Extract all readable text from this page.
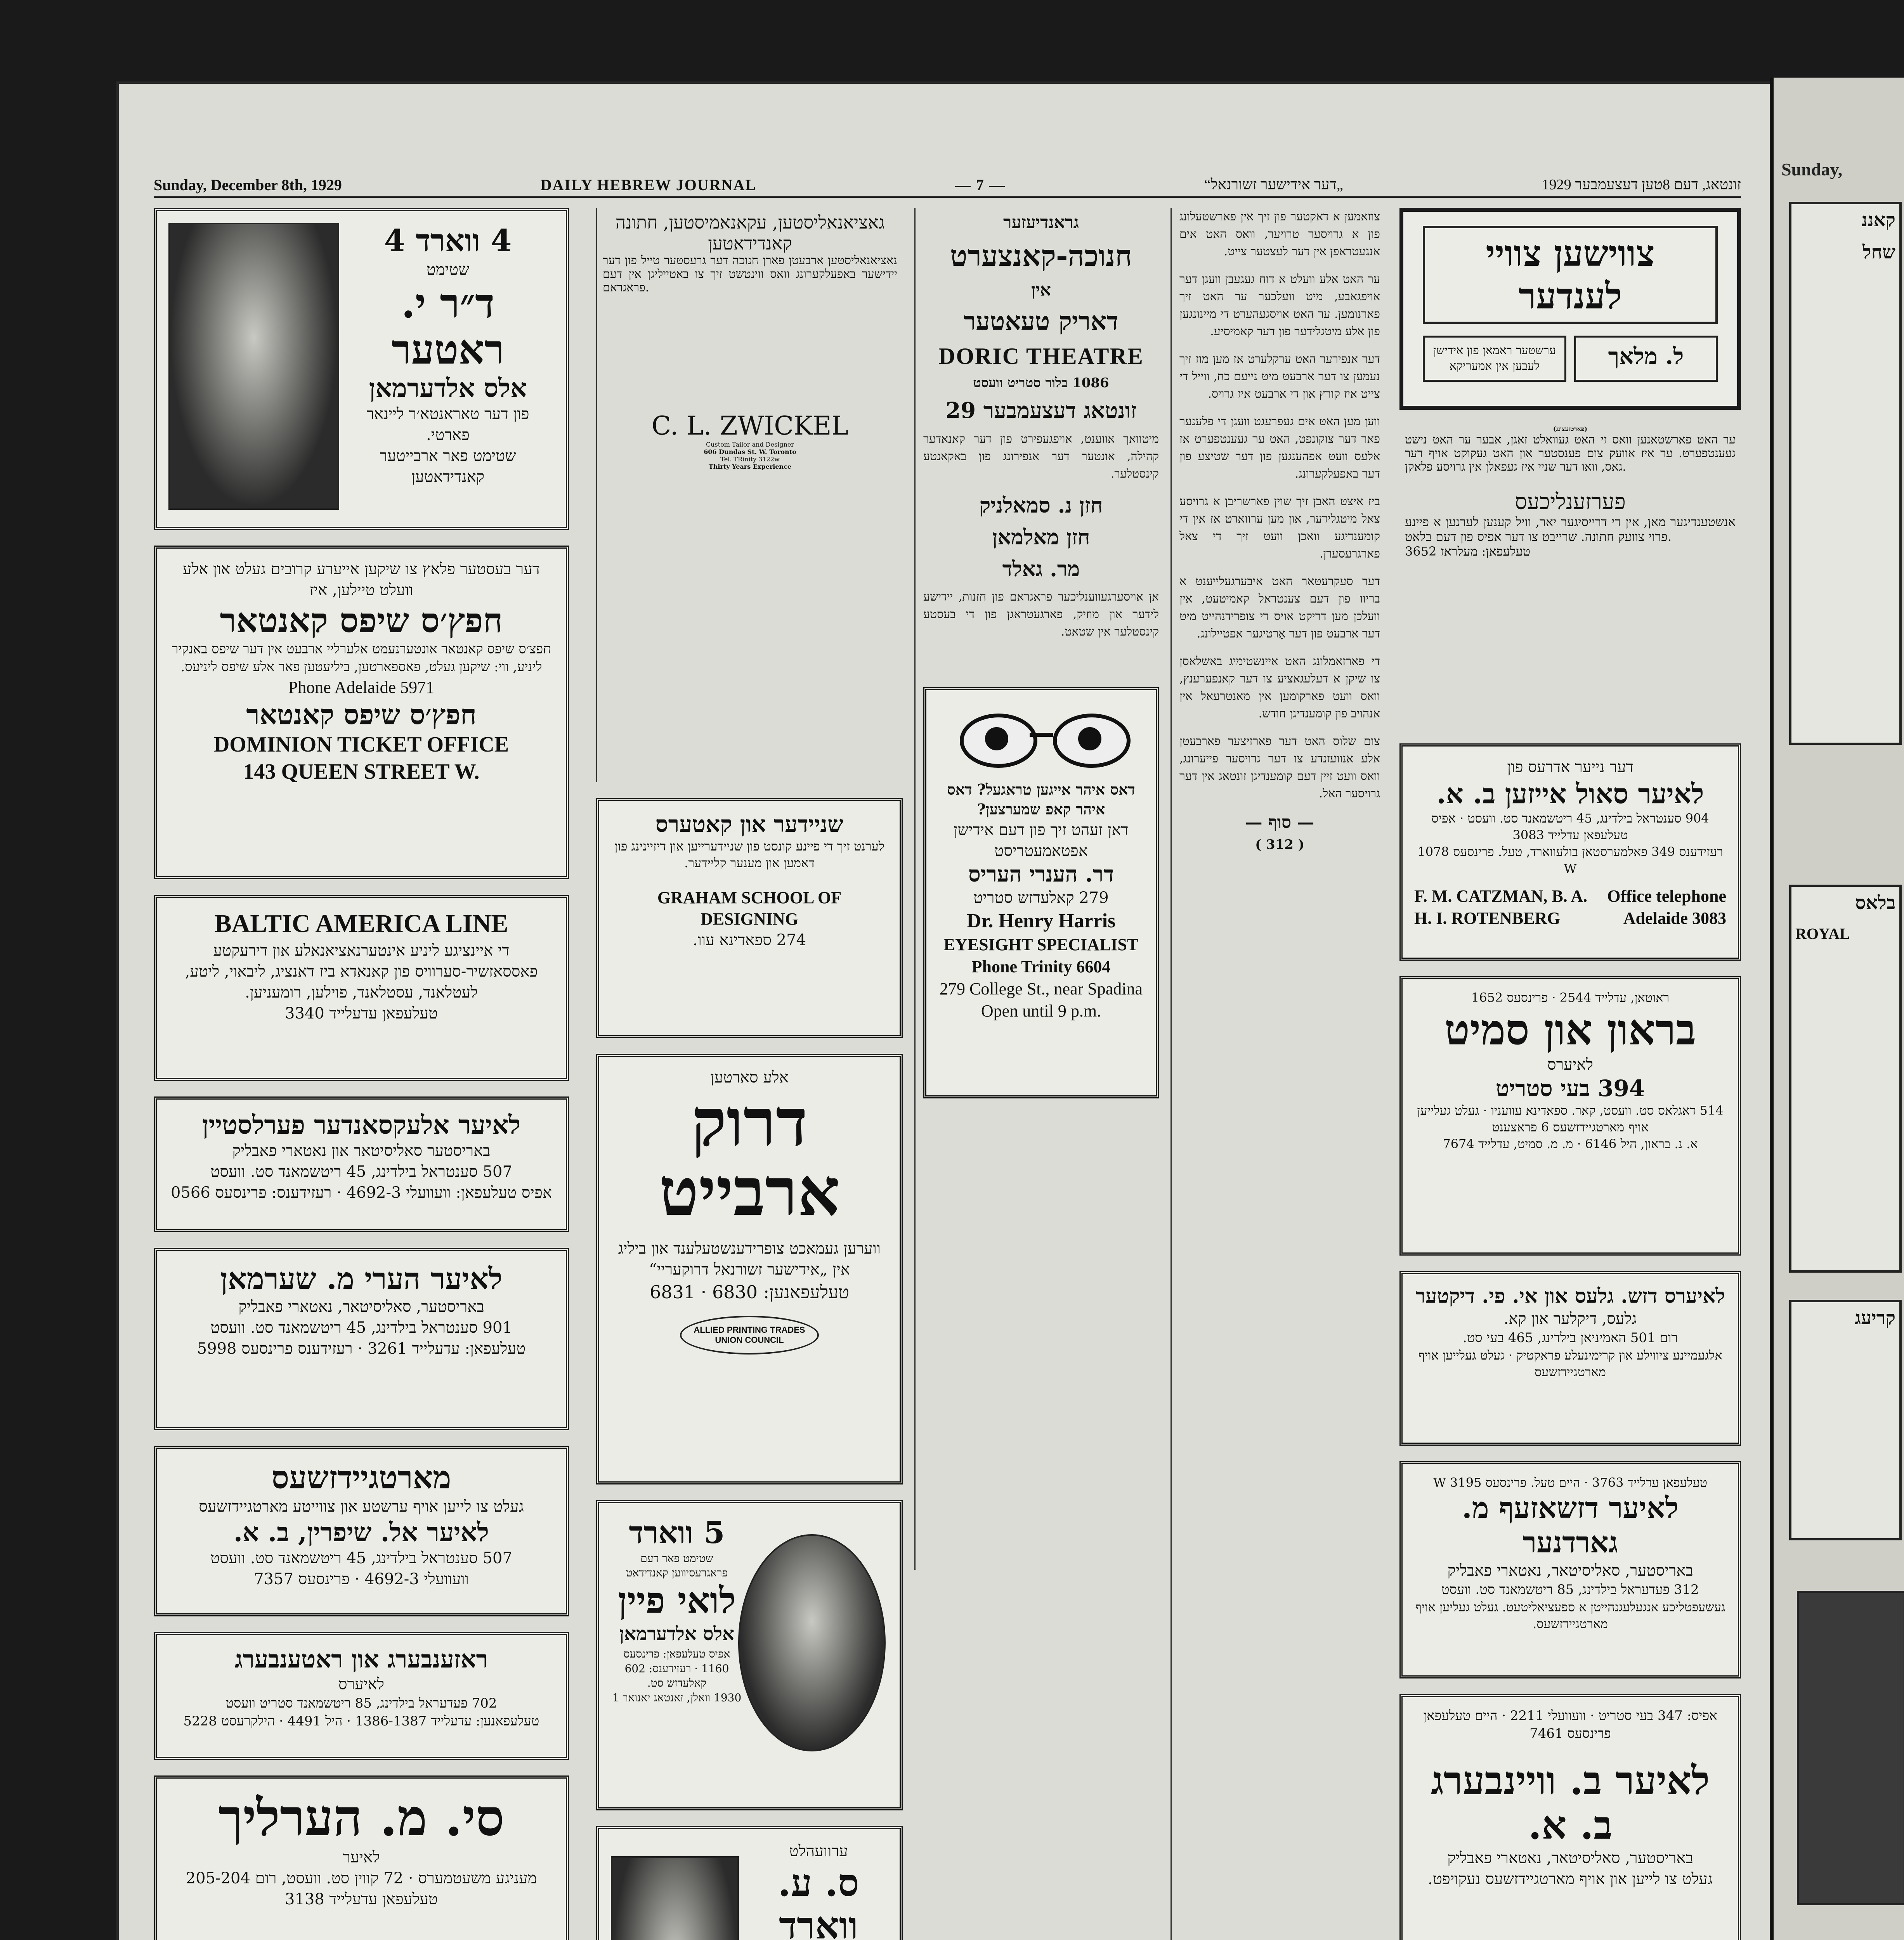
Sunday, December 8th, 1929	DAILY HEBREW JOURNAL	— 7 —	„דער אידישער זשורנאל“	זונטאג, דעם 8טען דעצעמבער 1929
4 ווארד 4
שטימט
ד״ר י. ראטער
אלס אלדערמאן
פון דער טאראנטא׳ר ליינאר פארטי.
שטימט פאר ארבייטער קאנדידאטען
דער בעסטער פלאץ צו שיקען אייערע קרובים געלט און אלע וועלט טיילען, איז
חפץ׳ס שיפס קאנטאר
חפצ׳ס שיפס קאנטאר אונטערנעמט אלערליי ארבעט אין דער שיפס באנקיר ליניע, ווי: שיקען געלט, פאספארטען, ביליעטען פאר אלע שיפס ליניעס.
Phone Adelaide 5971
חפץ׳ס שיפס קאנטאר
DOMINION TICKET OFFICE
143 QUEEN STREET W.
BALTIC AMERICA LINE
די איינציגע ליניע אינטערנאציאנאלע און דירעקטע פאססאזשיר-סערוויס פון קאנאדא ביז דאנציג, ליבאוי, ליטע, לעטלאנד, עסטלאנד, פוילען, רומעניען.
טעלעפאן עדעלייד 3340
לאיער אלעקסאנדער פערלסטיין
באריסטער סאליסיטאר און נאטארי פאבליק
507 סענטראל בילדינג, 45 ריטשמאנד סט. וועסט
אפיס טעלעפאן: וועוועלי 4692-3 · רעזידענס: פרינסעס 0566
לאיער הערי מ. שערמאן
באריסטער, סאליסיטאר, נאטארי פאבליק
901 סענטראל בילדינג, 45 ריטשמאנד סט. וועסט
טעלעפאן: עדעלייד 3261 · רעזידענס פרינסעס 5998
מארטגיידזשעס
געלט צו לייען אויף ערשטע און צווייטע מארטגיידזשעס
לאיער אל. שיפרין, ב. א.
507 סענטראל בילדינג, 45 ריטשמאנד סט. וועסט
וועוועלי 4692-3 · פרינסעס 7357
ראזענבערג און ראטענבערג
לאיערס
702 פעדעראל בילדינג, 85 ריטשמאנד סטריט וועסט
טעלעפאנען: עדעלייד 1386-1387 · היל 4491 · הילקרעסט 5228
סי. מ. הערליך
לאיער
מעניגע משעטמערס · 72 קווין סט. וועסט, רום 205-204
טעלעפאן עדעלייד 3138
גאציאנאליסטען, עקאנאמיסטען, חתונה קאנדידאטען
נאציאנאליסטען ארבעטן פארן חנוכה דער גרעסטער טייל פון דער יידישער באפעלקערונג וואס ווינטשט זיך צו באטייליגן אין דעם פראגראם.
C. L. ZWICKEL
Custom Tailor and Designer
606 Dundas St. W. Toronto
Tel. TRinity 3122w
Thirty Years Experience
שניידער און קאטערס
לערנט זיך די פיינע קונסט פון שניידערייען און דיזיינינג פון דאמען און מענער קליידער.
GRAHAM SCHOOL OF DESIGNING
274 ספאדינא עוו.
אלע סארטען
דרוק ארבייט
ווערען געמאכט צופרידענשטעלענד און ביליג אין „אידישער זשורנאל דרוקעריי“
טעלעפאנען: 6830 · 6831
ALLIED PRINTING TRADES UNION COUNCIL
5 ווארד
שטימט פאר דעם פראגרעסיווען קאנדידאט
לואי פיין
אלס אלדערמאן
אפיס טעלעפאן: פרינסעס 1160 · רעזידענס: 602 קאלעדזש סט.
1930 וואלן, זאנטאג יאנואר 1
ערוועהלט
ס. ע. ווארד
גראנדיעזער
חנוכה-קאנצערט
אין
דאריק טעאטער
DORIC THEATRE
1086 בלור סטריט וועסט
זונטאג דעצעמבער 29

מיטוואך אווענט, אויפגעפירט פון דער קאנאדער קהילה, אונטער דער אנפירונג פון באקאנטע קינסטלער.

חזן נ. סמאלניק
חזן מאלמאן
מר. גאלד

אן אויסערגעווענליכער פראגראם פון חזנות, יידישע לידער און מוזיק, פארגעטראגן פון די בעסטע קינסטלער אין שטאט.

דאס איהר אייגען טראגעל? דאס איהר קאפ שמערצען?
דאן זעהט זיך פון דעם אידישן אפטאמעטריסט
דר. הענרי העריס
279 קאלעדזש סטריט
Dr. Henry Harris
EYESIGHT SPECIALIST
Phone Trinity 6604
279 College St., near Spadina
Open until 9 p.m.

צוזאמען א דאקטער פון זיך אין פארשטעלונג פון א גרויסער טרויער, וואס האט אים אנגעטראפן אין דער לעצטער צייט.

ער האט אלע וועלט א דוח געגעבן וועגן דער אויפגאבע, מיט וועלכער ער האט זיך פארנומען. ער האט אויסגעהערט די מיינונגען פון אלע מיטגלידער פון דער קאמיסיע.

דער אנפירער האט ערקלערט אז מען מוז זיך נעמען צו דער ארבעט מיט נייעם כח, ווייל די צייט איז קורץ און די ארבעט איז גרויס.

ווען מען האט אים געפרעגט וועגן די פלענער פאר דער צוקונפט, האט ער געענטפערט אז אלעס וועט אפהענגען פון דער שטיצע פון דער באפעלקערונג.

ביז איצט האבן זיך שוין פארשריבן א גרויסע צאל מיטגלידער, און מען ערווארט אז אין די קומענדיגע וואכן וועט זיך די צאל פארגרעסערן.

דער סעקרעטאר האט איבערגעלייענט א בריוו פון דעם צענטראל קאמיטעט, אין וועלכן מען דריקט אויס די צופרידנהייט מיט דער ארבעט פון דער אָרטיגער אפטיילונג.

די פארזאמלונג האט איינשטימיג באשלאסן צו שיקן א דעלעגאציע צו דער קאנפערענץ, וואס וועט פארקומען אין מאנטרעאל אין אנהויב פון קומענדיגן חודש.

צום שלוס האט דער פארזיצער פארבעטן אלע אנוועזנדע צו דער גרויסער פייערונג, וואס וועט זיין דעם קומענדיגן זונטאג אין דער גרויסער האל.

— סוף —
( 312 )
צווישען צוויי לענדער
ערשטער ראמאן פון אידישן לעבען אין אמעריקא	ל. מלאך
(פארטזעצונג)
ער האט פארשטאנען וואס זי האט געוואלט זאגן, אבער ער האט נישט געענטפערט. ער איז אוועק צום פענסטער און האט געקוקט אויף דער גאס, וואו דער שניי איז געפאלן אין גרויסע פלאקן.
פערזענליכעס
אנשטענדיגער מאן, אין די דרייסיגער יאר, וויל קענען לערנען א פיינע פרוי צוועק חתונה. שרייבט צו דער אפיס פון דעם בלאט.
טעלעפאן: מעלראז 3652
דער נייער אדרעס פון
לאיער סאול אייזען ב. א.
904 סענטראל בילדינג, 45 ריטשמאנד סט. וועסט · אפיס טעלעפאן עדלייד 3083
רעזידענס 349 פאלמערסטאן בולעווארד, טעל. פרינסעס 1078 W
F. M. CATZMAN, B. A.
H. I. ROTENBERG
Office telephone
Adelaide 3083
ראוטאן, עדלייד 2544 · פרינסעס 1652
בראון און סמיט
לאיערס
394 בעי סטריט
514 דאגלאס סט. וועסט, קאר. ספאדינא עוועניו · געלט געלייען אויף מארטגיידזשעס 6 פראצענט
א. נ. בראון, היל 6146 · מ. מ. סמיט, עדלייד 7674
לאיערס דזש. גלעס און אי. פי. דיקטער
גלעס, דיקלער און קא.
רום 501 האמיניאן בילדינג, 465 בעי סט.
אלגעמיינע ציווילע און קרימינעלע פראקטיק · געלט געלייען אויף מארטגיידזשעס
טעלעפאן עדלייד 3763 · היים טעל. פרינסעס 3195 W
לאיער דזשאזעף מ. גארדנער
באריסטער, סאליסיטאר, נאטארי פאבליק
312 פעדעראל בילדינג, 85 ריטשמאנד סט. וועסט
געשעפטליכע אנגעלעגנהייטן א ספעציאליטעט. געלט געליען אויף מארטגיידזשעס.
אפיס: 347 בעי סטריט · וועוועלי 2211 · היים טעלעפאן פרינסעס 7461
לאיער ב. וויינבערג ב. א.
באריסטער, סאליסיטאר, נאטארי פאבליק
געלט צו לייען און אויף מארטגיידזשעס נעקויפט.
Sunday,
קאננ
שחל
בלאס
ROYAL
קריעג
